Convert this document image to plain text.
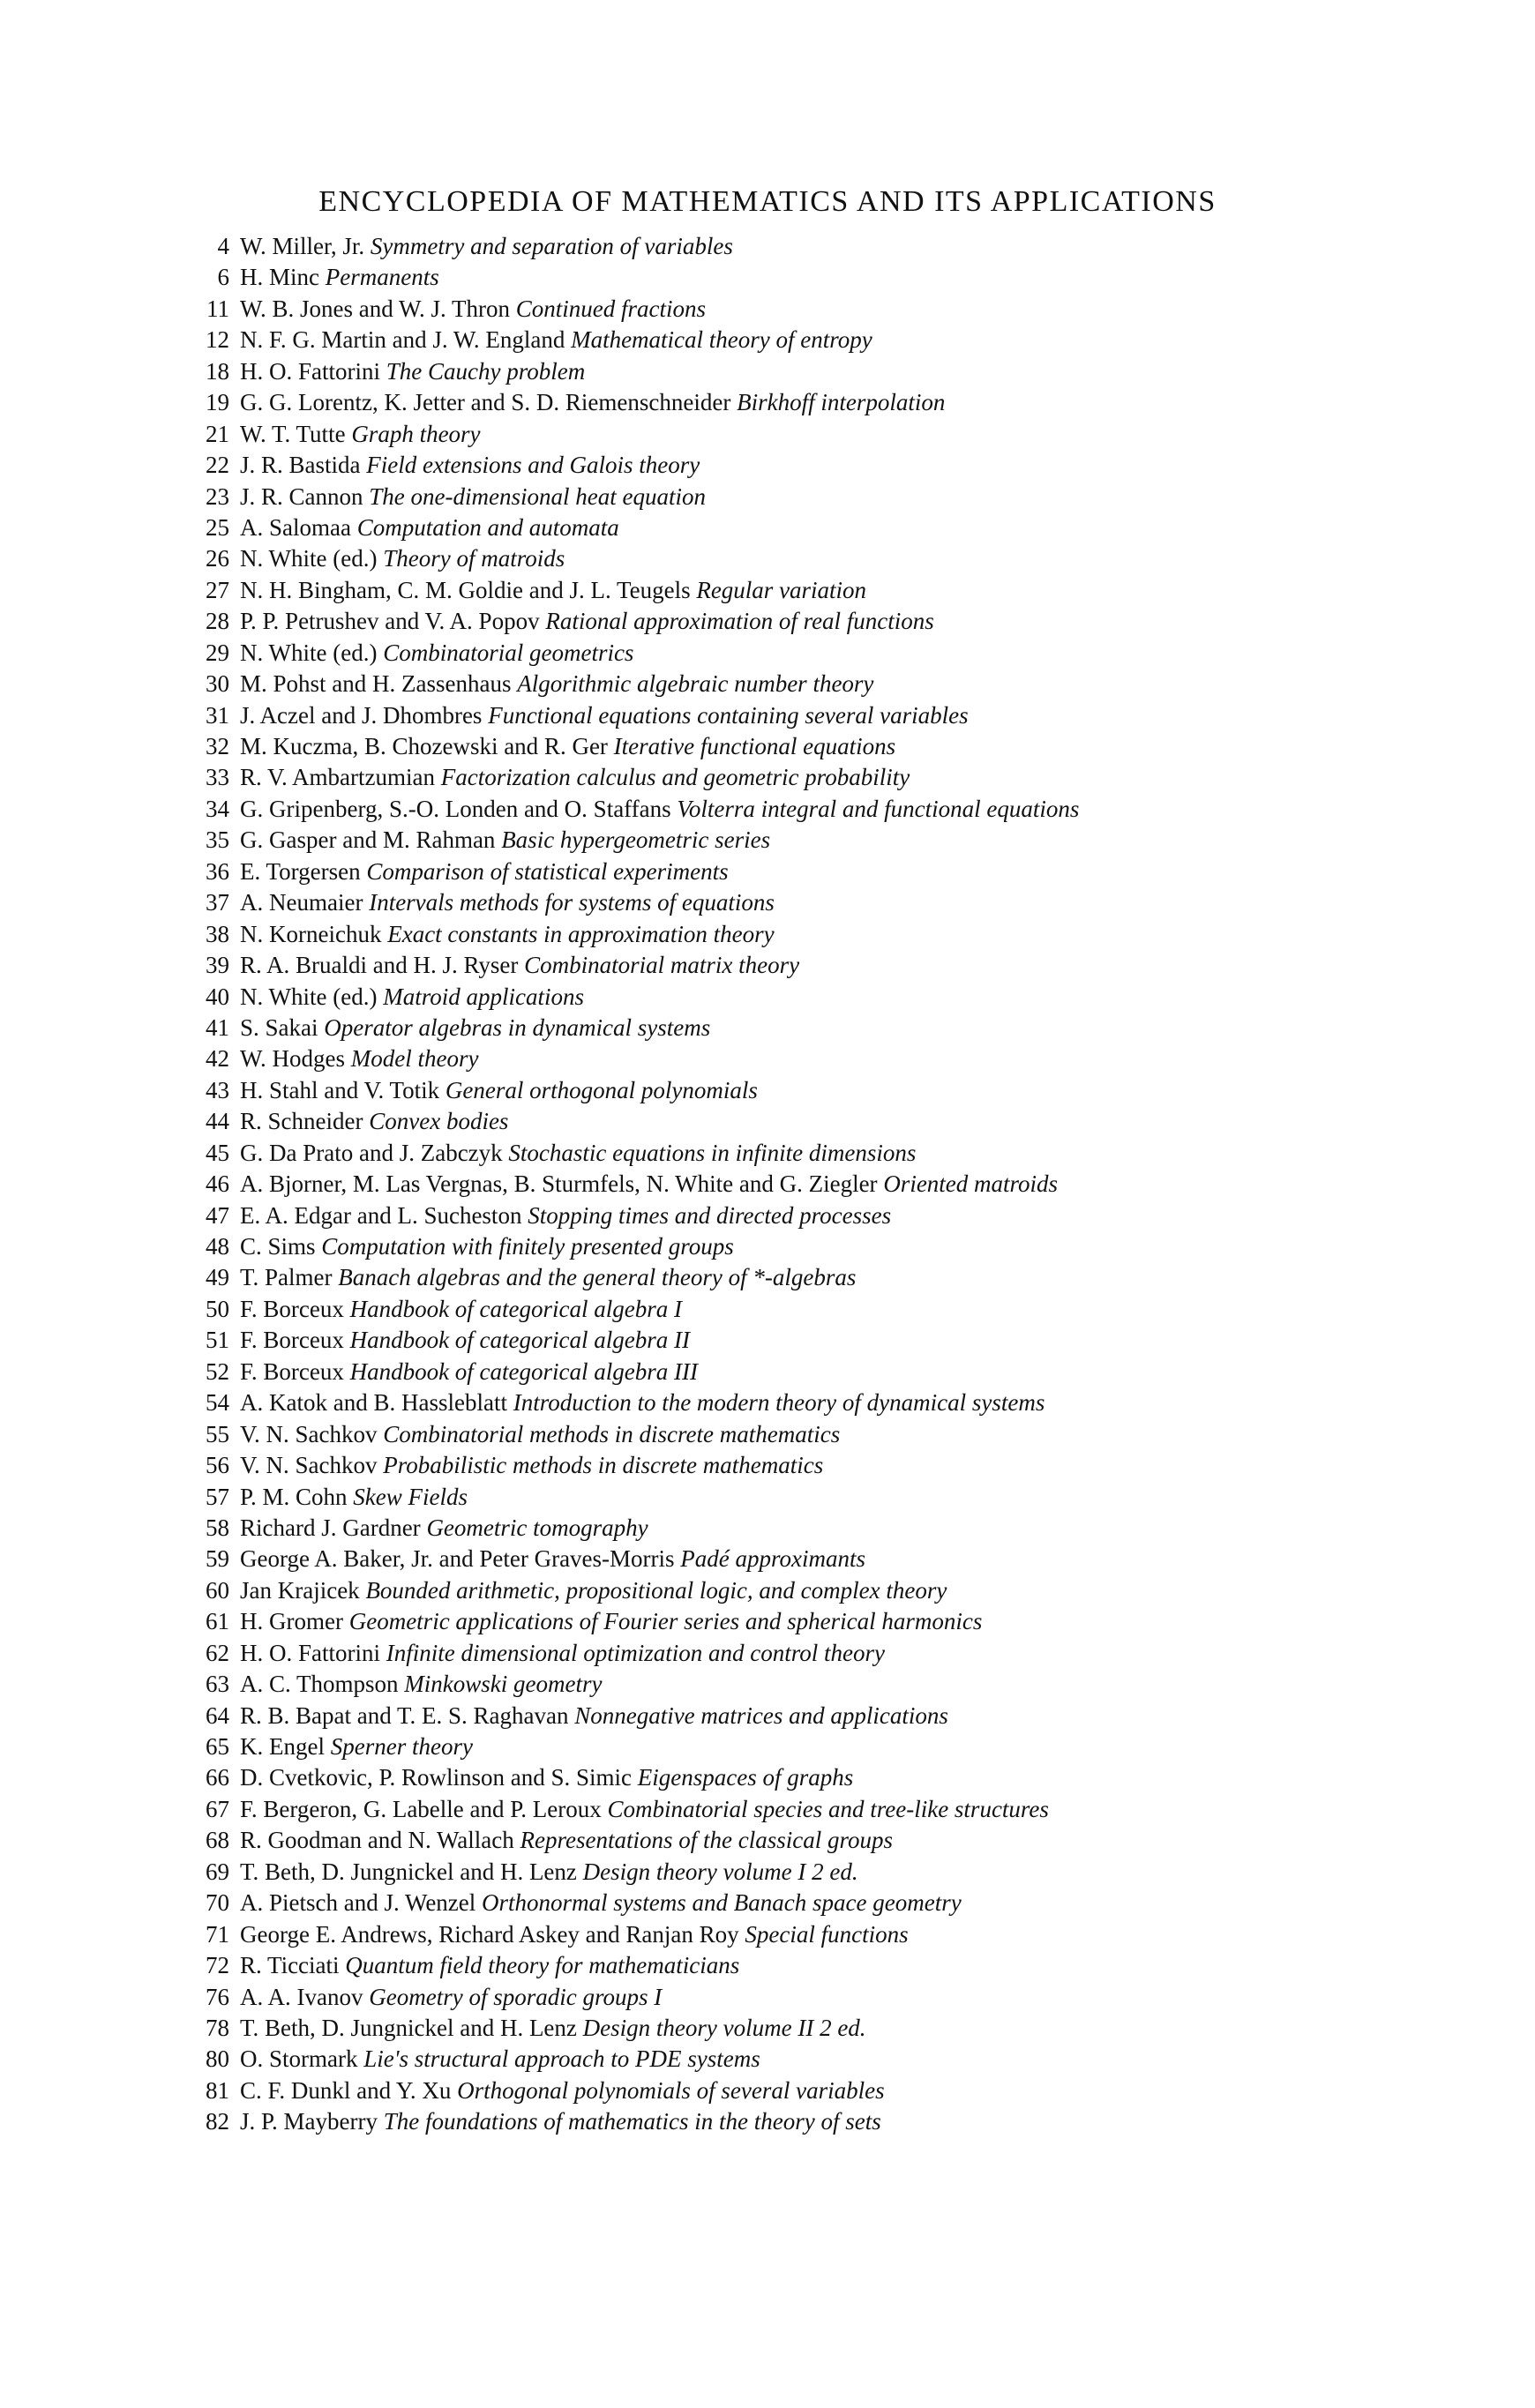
ENCYCLOPEDIA OF MATHEMATICS AND ITS APPLICATIONS
4 W. Miller, Jr. Symmetry and separation of variables
6 H. Minc Permanents
11 W. B. Jones and W. J. Thron Continued fractions
12 N. F. G. Martin and J. W. England Mathematical theory of entropy
18 H. O. Fattorini The Cauchy problem
19 G. G. Lorentz, K. Jetter and S. D. Riemenschneider Birkhoff interpolation
21 W. T. Tutte Graph theory
22 J. R. Bastida Field extensions and Galois theory
23 J. R. Cannon The one-dimensional heat equation
25 A. Salomaa Computation and automata
26 N. White (ed.) Theory of matroids
27 N. H. Bingham, C. M. Goldie and J. L. Teugels Regular variation
28 P. P. Petrushev and V. A. Popov Rational approximation of real functions
29 N. White (ed.) Combinatorial geometrics
30 M. Pohst and H. Zassenhaus Algorithmic algebraic number theory
31 J. Aczel and J. Dhombres Functional equations containing several variables
32 M. Kuczma, B. Chozewski and R. Ger Iterative functional equations
33 R. V. Ambartzumian Factorization calculus and geometric probability
34 G. Gripenberg, S.-O. Londen and O. Staffans Volterra integral and functional equations
35 G. Gasper and M. Rahman Basic hypergeometric series
36 E. Torgersen Comparison of statistical experiments
37 A. Neumaier Intervals methods for systems of equations
38 N. Korneichuk Exact constants in approximation theory
39 R. A. Brualdi and H. J. Ryser Combinatorial matrix theory
40 N. White (ed.) Matroid applications
41 S. Sakai Operator algebras in dynamical systems
42 W. Hodges Model theory
43 H. Stahl and V. Totik General orthogonal polynomials
44 R. Schneider Convex bodies
45 G. Da Prato and J. Zabczyk Stochastic equations in infinite dimensions
46 A. Bjorner, M. Las Vergnas, B. Sturmfels, N. White and G. Ziegler Oriented matroids
47 E. A. Edgar and L. Sucheston Stopping times and directed processes
48 C. Sims Computation with finitely presented groups
49 T. Palmer Banach algebras and the general theory of *-algebras
50 F. Borceux Handbook of categorical algebra I
51 F. Borceux Handbook of categorical algebra II
52 F. Borceux Handbook of categorical algebra III
54 A. Katok and B. Hassleblatt Introduction to the modern theory of dynamical systems
55 V. N. Sachkov Combinatorial methods in discrete mathematics
56 V. N. Sachkov Probabilistic methods in discrete mathematics
57 P. M. Cohn Skew Fields
58 Richard J. Gardner Geometric tomography
59 George A. Baker, Jr. and Peter Graves-Morris Padé approximants
60 Jan Krajicek Bounded arithmetic, propositional logic, and complex theory
61 H. Gromer Geometric applications of Fourier series and spherical harmonics
62 H. O. Fattorini Infinite dimensional optimization and control theory
63 A. C. Thompson Minkowski geometry
64 R. B. Bapat and T. E. S. Raghavan Nonnegative matrices and applications
65 K. Engel Sperner theory
66 D. Cvetkovic, P. Rowlinson and S. Simic Eigenspaces of graphs
67 F. Bergeron, G. Labelle and P. Leroux Combinatorial species and tree-like structures
68 R. Goodman and N. Wallach Representations of the classical groups
69 T. Beth, D. Jungnickel and H. Lenz Design theory volume I 2 ed.
70 A. Pietsch and J. Wenzel Orthonormal systems and Banach space geometry
71 George E. Andrews, Richard Askey and Ranjan Roy Special functions
72 R. Ticciati Quantum field theory for mathematicians
76 A. A. Ivanov Geometry of sporadic groups I
78 T. Beth, D. Jungnickel and H. Lenz Design theory volume II 2 ed.
80 O. Stormark Lie's structural approach to PDE systems
81 C. F. Dunkl and Y. Xu Orthogonal polynomials of several variables
82 J. P. Mayberry The foundations of mathematics in the theory of sets
